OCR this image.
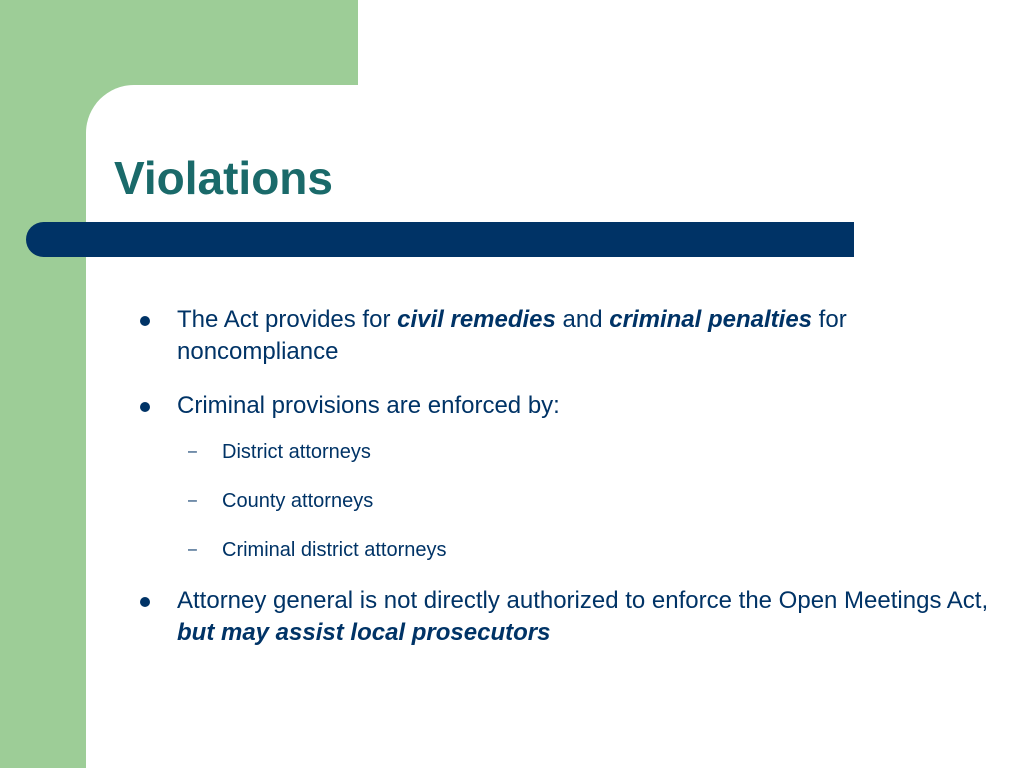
Violations
The Act provides for civil remedies and criminal penalties for noncompliance
Criminal provisions are enforced by:
– District attorneys
– County attorneys
– Criminal district attorneys
Attorney general is not directly authorized to enforce the Open Meetings Act, but may assist local prosecutors
